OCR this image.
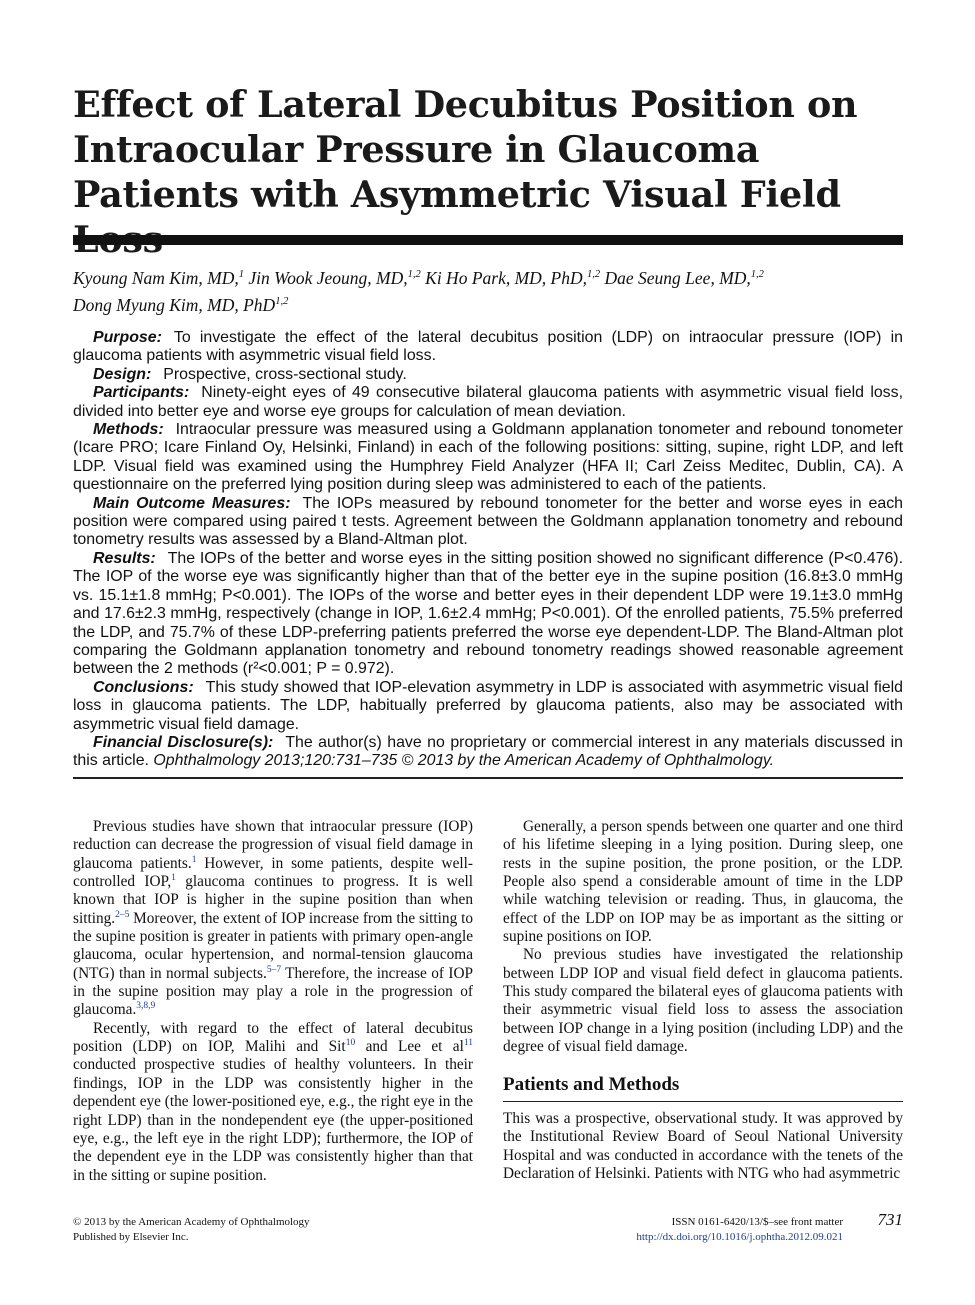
Effect of Lateral Decubitus Position on Intraocular Pressure in Glaucoma Patients with Asymmetric Visual Field
Kyoung Nam Kim, MD,$^1$ Jin Wook Jeoung, MD,$^{1,2}$ Ki Ho Park, MD, PhD,$^{1,2}$ Dae Seung Lee, MD,$^{1,2}$
Dong Myung Kim, MD, PhD$^{1,2}$

Purpose: To investigate the effect of the lateral decubitus position (LDP) on intraocular pressure (IOP) in glaucoma patients with asymmetric visual field loss.

Design: Prospective, cross-sectional study.

Participants: Ninety-eight eyes of 49 consecutive bilateral glaucoma patients with asymmetric visual field loss, divided into better eye and worse eye groups for calculation of mean deviation.

Methods: Intraocular pressure was measured using a Goldmann applanation tonometer and rebound tonometer (Icare PRO; Icare Finland Oy, Helsinki, Finland) in each of the following positions: sitting, supine, right LDP, and left LDP. Visual field was examined using the Humphrey Field Analyzer (HFA II; Carl Zeiss Meditec, Dublin, CA). A questionnaire on the preferred lying position during sleep was administered to each of the patients.

Main Outcome Measures: The IOPs measured by rebound tonometer for the better and worse eyes in each position were compared using paired t tests. Agreement between the Goldmann applanation tonometry and rebound tonometry results was assessed by a Bland-Altman plot.

Results: The IOPs of the better and worse eyes in the sitting position showed no significant difference (P<0.476). The IOP of the worse eye was significantly higher than that of the better eye in the supine position (16.8±3.0 mmHg vs. 15.1±1.8 mmHg; P<0.001). The IOPs of the worse and better eyes in their dependent LDP were 19.1±3.0 mmHg and 17.6±2.3 mmHg, respectively (change in IOP, 1.6±2.4 mmHg; P<0.001). Of the enrolled patients, 75.5% preferred the LDP, and 75.7% of these LDP-preferring patients preferred the worse eye dependent-LDP. The Bland-Altman plot comparing the Goldmann applanation tonometry and rebound tonometry readings showed reasonable agreement between the 2 methods (r²<0.001; P = 0.972).

Conclusions: This study showed that IOP-elevation asymmetry in LDP is associated with asymmetric visual field loss in glaucoma patients. The LDP, habitually preferred by glaucoma patients, also may be associated with asymmetric visual field damage.

Financial Disclosure(s): The author(s) have no proprietary or commercial interest in any materials discussed in this article. Ophthalmology 2013;120:731–735 © 2013 by the American Academy of Ophthalmology.

Previous studies have shown that intraocular pressure (IOP) reduction can decrease the progression of visual field damage in glaucoma patients.$^1$ However, in some patients, despite well-controlled IOP,$^1$ glaucoma continues to progress. It is well known that IOP is higher in the supine position than when sitting.$^{2-5}$ Moreover, the extent of IOP increase from the sitting to the supine position is greater in patients with primary open-angle glaucoma, ocular hypertension, and normal-tension glaucoma (NTG) than in normal subjects.$^{5-7}$ Therefore, the increase of IOP in the supine position may play a role in the progression of glaucoma.$^{3,8,9}$

Recently, with regard to the effect of lateral decubitus position (LDP) on IOP, Malihi and Sit$^{10}$ and Lee et $al^{11}$ conducted prospective studies of healthy volunteers. In their findings, IOP in the LDP was consistently higher in the dependent eye (the lower-positioned eye, e.g., the right eye in the right LDP) than in the nondependent eye (the upper-positioned eye, e.g., the left eye in the right LDP); furthermore, the IOP of the dependent eye in the LDP was consistently higher than that in the sitting or supine position.

Generally, a person spends between one quarter and one third of his lifetime sleeping in a lying position. During sleep, one rests in the supine position, the prone position, or the LDP. People also spend a considerable amount of time in the LDP while watching television or reading. Thus, in glaucoma, the effect of the LDP on IOP may be as important as the sitting or supine positions on IOP.

No previous studies have investigated the relationship between LDP IOP and visual field defect in glaucoma patients. This study compared the bilateral eyes of glaucoma patients with their asymmetric visual field loss to assess the association between IOP change in a lying position (including LDP) and the degree of visual field damage.

Patients and Methods

This was a prospective, observational study. It was approved by the Institutional Review Board of Seoul National University Hospital and was conducted in accordance with the tenets of the Declaration of Helsinki. Patients with NTG who had asymmetric

© 2013 by the American Academy of Ophthalmology
Published by Elsevier Inc.
ISSN 0161-6420/13/$–see front matter
http://dx.doi.org/10.1016/j.ophtha.2012.09.021
731
